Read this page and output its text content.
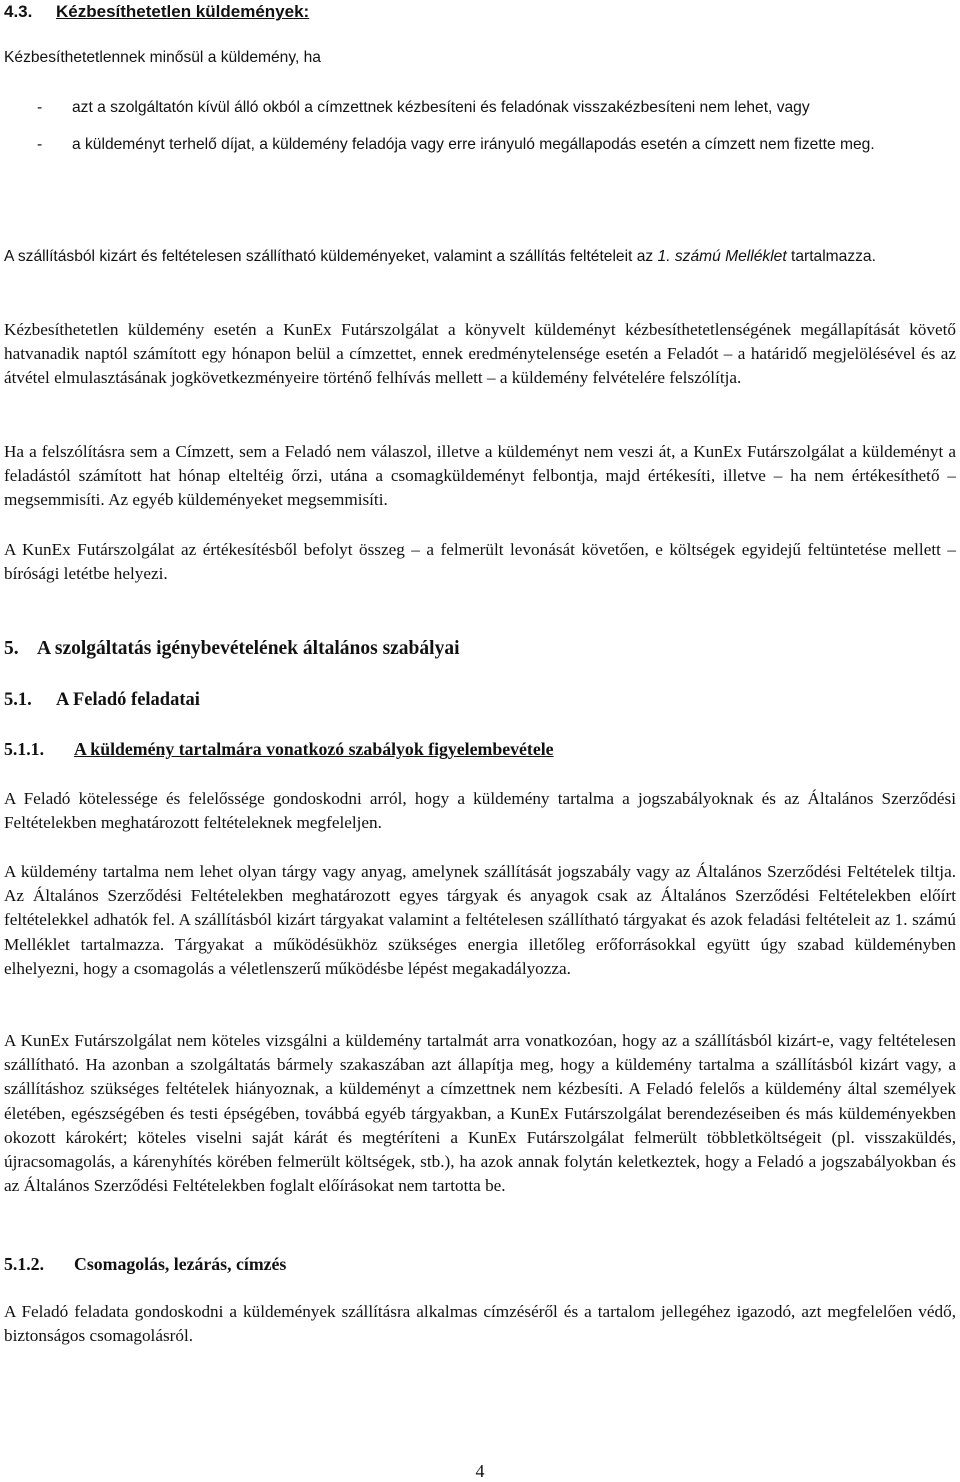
4.3. Kézbesíthetetlen küldemények:
Kézbesíthetetlennek minősül a küldemény, ha
- azt a szolgáltatón kívül álló okból a címzettnek kézbesíteni és feladónak visszakézbesíteni nem lehet, vagy
- a küldeményt terhelő díjat, a küldemény feladója vagy erre irányuló megállapodás esetén a címzett nem fizette meg.
A szállításból kizárt és feltételesen szállítható küldeményeket, valamint a szállítás feltételeit az 1. számú Melléklet tartalmazza.

Kézbesíthetetlen küldemény esetén a KunEx Futárszolgálat a könyvelt küldeményt kézbesíthetetlenségének megállapítását követő hatvanadik naptól számított egy hónapon belül a címzettet, ennek eredménytelensége esetén a Feladót – a határidő megjelölésével és az átvétel elmulasztásának jogkövetkezményeire történő felhívás mellett – a küldemény felvételére felszólítja.

Ha a felszólításra sem a Címzett, sem a Feladó nem válaszol, illetve a küldeményt nem veszi át, a KunEx Futárszolgálat a küldeményt a feladástól számított hat hónap elteltéig őrzi, utána a csomagküldeményt felbontja, majd értékesíti, illetve – ha nem értékesíthető – megsemmisíti. Az egyéb küldeményeket megsemmisíti.

A KunEx Futárszolgálat az értékesítésből befolyt összeg – a felmerült levonását követően, e költségek egyidejű feltüntetése mellett – bírósági letétbe helyezi.

5. A szolgáltatás igénybevételének általános szabályai
5.1. A Feladó feladatai
5.1.1. A küldemény tartalmára vonatkozó szabályok figyelembevétele

A Feladó kötelessége és felelőssége gondoskodni arról, hogy a küldemény tartalma a jogszabályoknak és az Általános Szerződési Feltételekben meghatározott feltételeknek megfeleljen.

A küldemény tartalma nem lehet olyan tárgy vagy anyag, amelynek szállítását jogszabály vagy az Általános Szerződési Feltételek tiltja. Az Általános Szerződési Feltételekben meghatározott egyes tárgyak és anyagok csak az Általános Szerződési Feltételekben előírt feltételekkel adhatók fel. A szállításból kizárt tárgyakat valamint a feltételesen szállítható tárgyakat és azok feladási feltételeit az 1. számú Melléklet tartalmazza. Tárgyakat a működésükhöz szükséges energia illetőleg erőforrásokkal együtt úgy szabad küldeményben elhelyezni, hogy a csomagolás a véletlenszerű működésbe lépést megakadályozza.

A KunEx Futárszolgálat nem köteles vizsgálni a küldemény tartalmát arra vonatkozóan, hogy az a szállításból kizárt-e, vagy feltételesen szállítható. Ha azonban a szolgáltatás bármely szakaszában azt állapítja meg, hogy a küldemény tartalma a szállításból kizárt vagy, a szállításhoz szükséges feltételek hiányoznak, a küldeményt a címzettnek nem kézbesíti. A Feladó felelős a küldemény által személyek életében, egészségében és testi épségében, továbbá egyéb tárgyakban, a KunEx Futárszolgálat berendezéseiben és más küldeményekben okozott károkért; köteles viselni saját kárát és megtéríteni a KunEx Futárszolgálat felmerült többletköltségeit (pl. visszaküldés, újracsomagolás, a kárenyhítés körében felmerült költségek, stb.), ha azok annak folytán keletkeztek, hogy a Feladó a jogszabályokban és az Általános Szerződési Feltételekben foglalt előírásokat nem tartotta be.

5.1.2. Csomagolás, lezárás, címzés

A Feladó feladata gondoskodni a küldemények szállításra alkalmas címzéséről és a tartalom jellegéhez igazodó, azt megfelelően védő, biztonságos csomagolásról.

4
